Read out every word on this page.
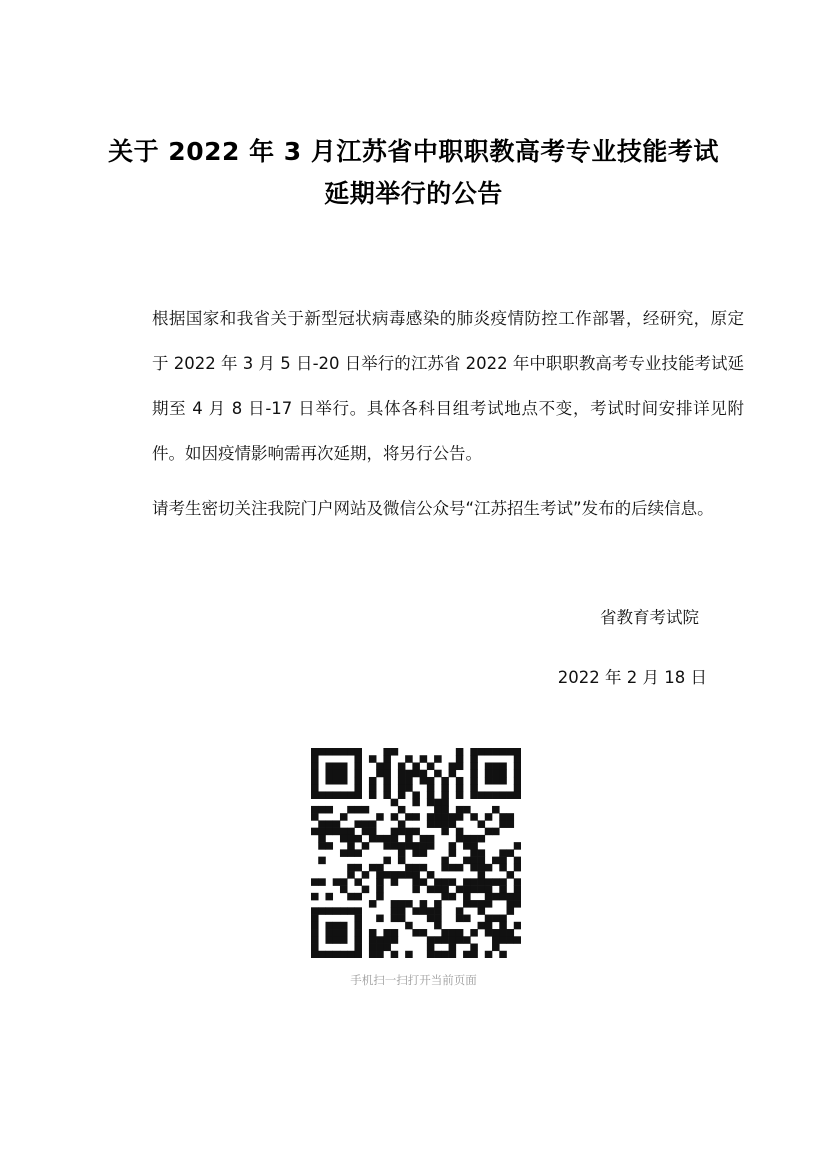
关于 2022 年 3 月江苏省中职职教高考专业技能考试
延期举行的公告
根据国家和我省关于新型冠状病毒感染的肺炎疫情防控工作部署，经研究，原定于 2022 年 3 月 5 日-20 日举行的江苏省 2022 年中职职教高考专业技能考试延期至 4 月 8 日-17 日举行。具体各科目组考试地点不变，考试时间安排详见附件。如因疫情影响需再次延期，将另行公告。
请考生密切关注我院门户网站及微信公众号“江苏招生考试”发布的后续信息。
省教育考试院
2022 年 2 月 18 日
手机扫一扫打开当前页面
